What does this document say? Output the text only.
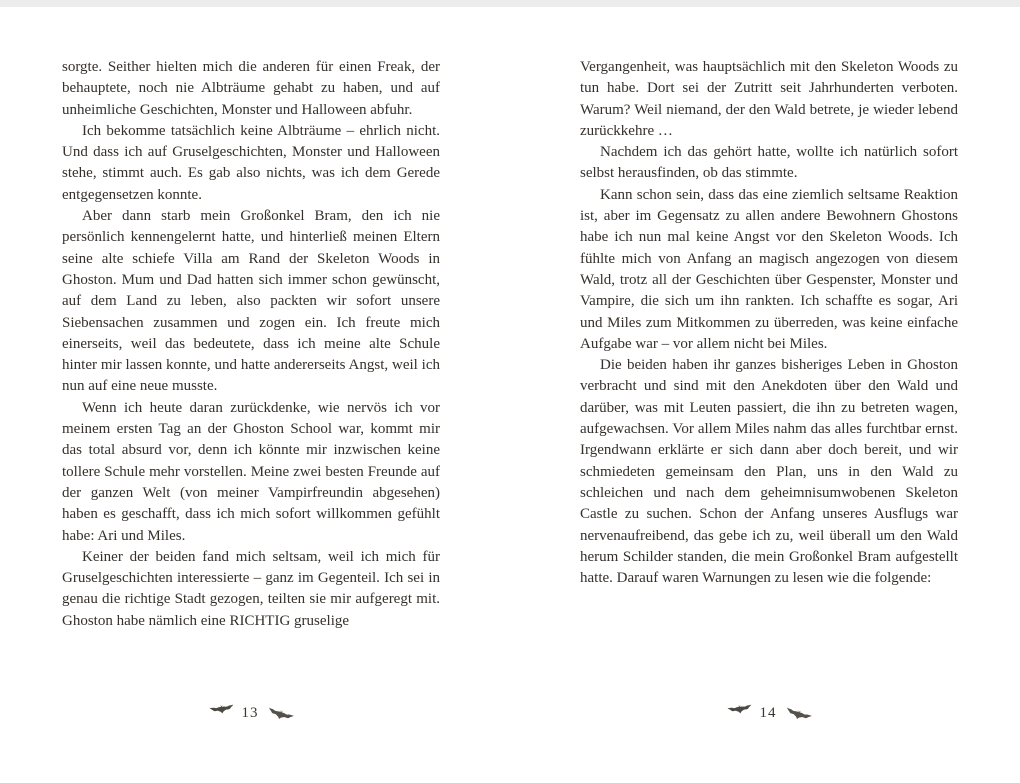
sorgte. Seither hielten mich die anderen für einen Freak, der behauptete, noch nie Albträume gehabt zu haben, und auf unheimliche Geschichten, Monster und Halloween abfuhr.

Ich bekomme tatsächlich keine Albträume – ehrlich nicht. Und dass ich auf Gruselgeschichten, Monster und Halloween stehe, stimmt auch. Es gab also nichts, was ich dem Gerede entgegensetzen konnte.

Aber dann starb mein Großonkel Bram, den ich nie persönlich kennengelernt hatte, und hinterließ meinen Eltern seine alte schiefe Villa am Rand der Skeleton Woods in Ghoston. Mum und Dad hatten sich immer schon gewünscht, auf dem Land zu leben, also packten wir sofort unsere Siebensachen zusammen und zogen ein. Ich freute mich einerseits, weil das bedeutete, dass ich meine alte Schule hinter mir lassen konnte, und hatte andererseits Angst, weil ich nun auf eine neue musste.

Wenn ich heute daran zurückdenke, wie nervös ich vor meinem ersten Tag an der Ghoston School war, kommt mir das total absurd vor, denn ich könnte mir inzwischen keine tollere Schule mehr vorstellen. Meine zwei besten Freunde auf der ganzen Welt (von meiner Vampirfreundin abgesehen) haben es geschafft, dass ich mich sofort willkommen gefühlt habe: Ari und Miles.

Keiner der beiden fand mich seltsam, weil ich mich für Gruselgeschichten interessierte – ganz im Gegenteil. Ich sei in genau die richtige Stadt gezogen, teilten sie mir aufgeregt mit. Ghoston habe nämlich eine RICHTIG gruselige

13

Vergangenheit, was hauptsächlich mit den Skeleton Woods zu tun habe. Dort sei der Zutritt seit Jahrhunderten verboten. Warum? Weil niemand, der den Wald betrete, je wieder lebend zurückkehre …

Nachdem ich das gehört hatte, wollte ich natürlich sofort selbst herausfinden, ob das stimmte.

Kann schon sein, dass das eine ziemlich seltsame Reaktion ist, aber im Gegensatz zu allen andere Bewohnern Ghostons habe ich nun mal keine Angst vor den Skeleton Woods. Ich fühlte mich von Anfang an magisch angezogen von diesem Wald, trotz all der Geschichten über Gespenster, Monster und Vampire, die sich um ihn rankten. Ich schaffte es sogar, Ari und Miles zum Mitkommen zu überreden, was keine einfache Aufgabe war – vor allem nicht bei Miles.

Die beiden haben ihr ganzes bisheriges Leben in Ghoston verbracht und sind mit den Anekdoten über den Wald und darüber, was mit Leuten passiert, die ihn zu betreten wagen, aufgewachsen. Vor allem Miles nahm das alles furchtbar ernst. Irgendwann erklärte er sich dann aber doch bereit, und wir schmiedeten gemeinsam den Plan, uns in den Wald zu schleichen und nach dem geheimnisumwobenen Skeleton Castle zu suchen. Schon der Anfang unseres Ausflugs war nervenaufreibend, das gebe ich zu, weil überall um den Wald herum Schilder standen, die mein Großonkel Bram aufgestellt hatte. Darauf waren Warnungen zu lesen wie die folgende:

14
